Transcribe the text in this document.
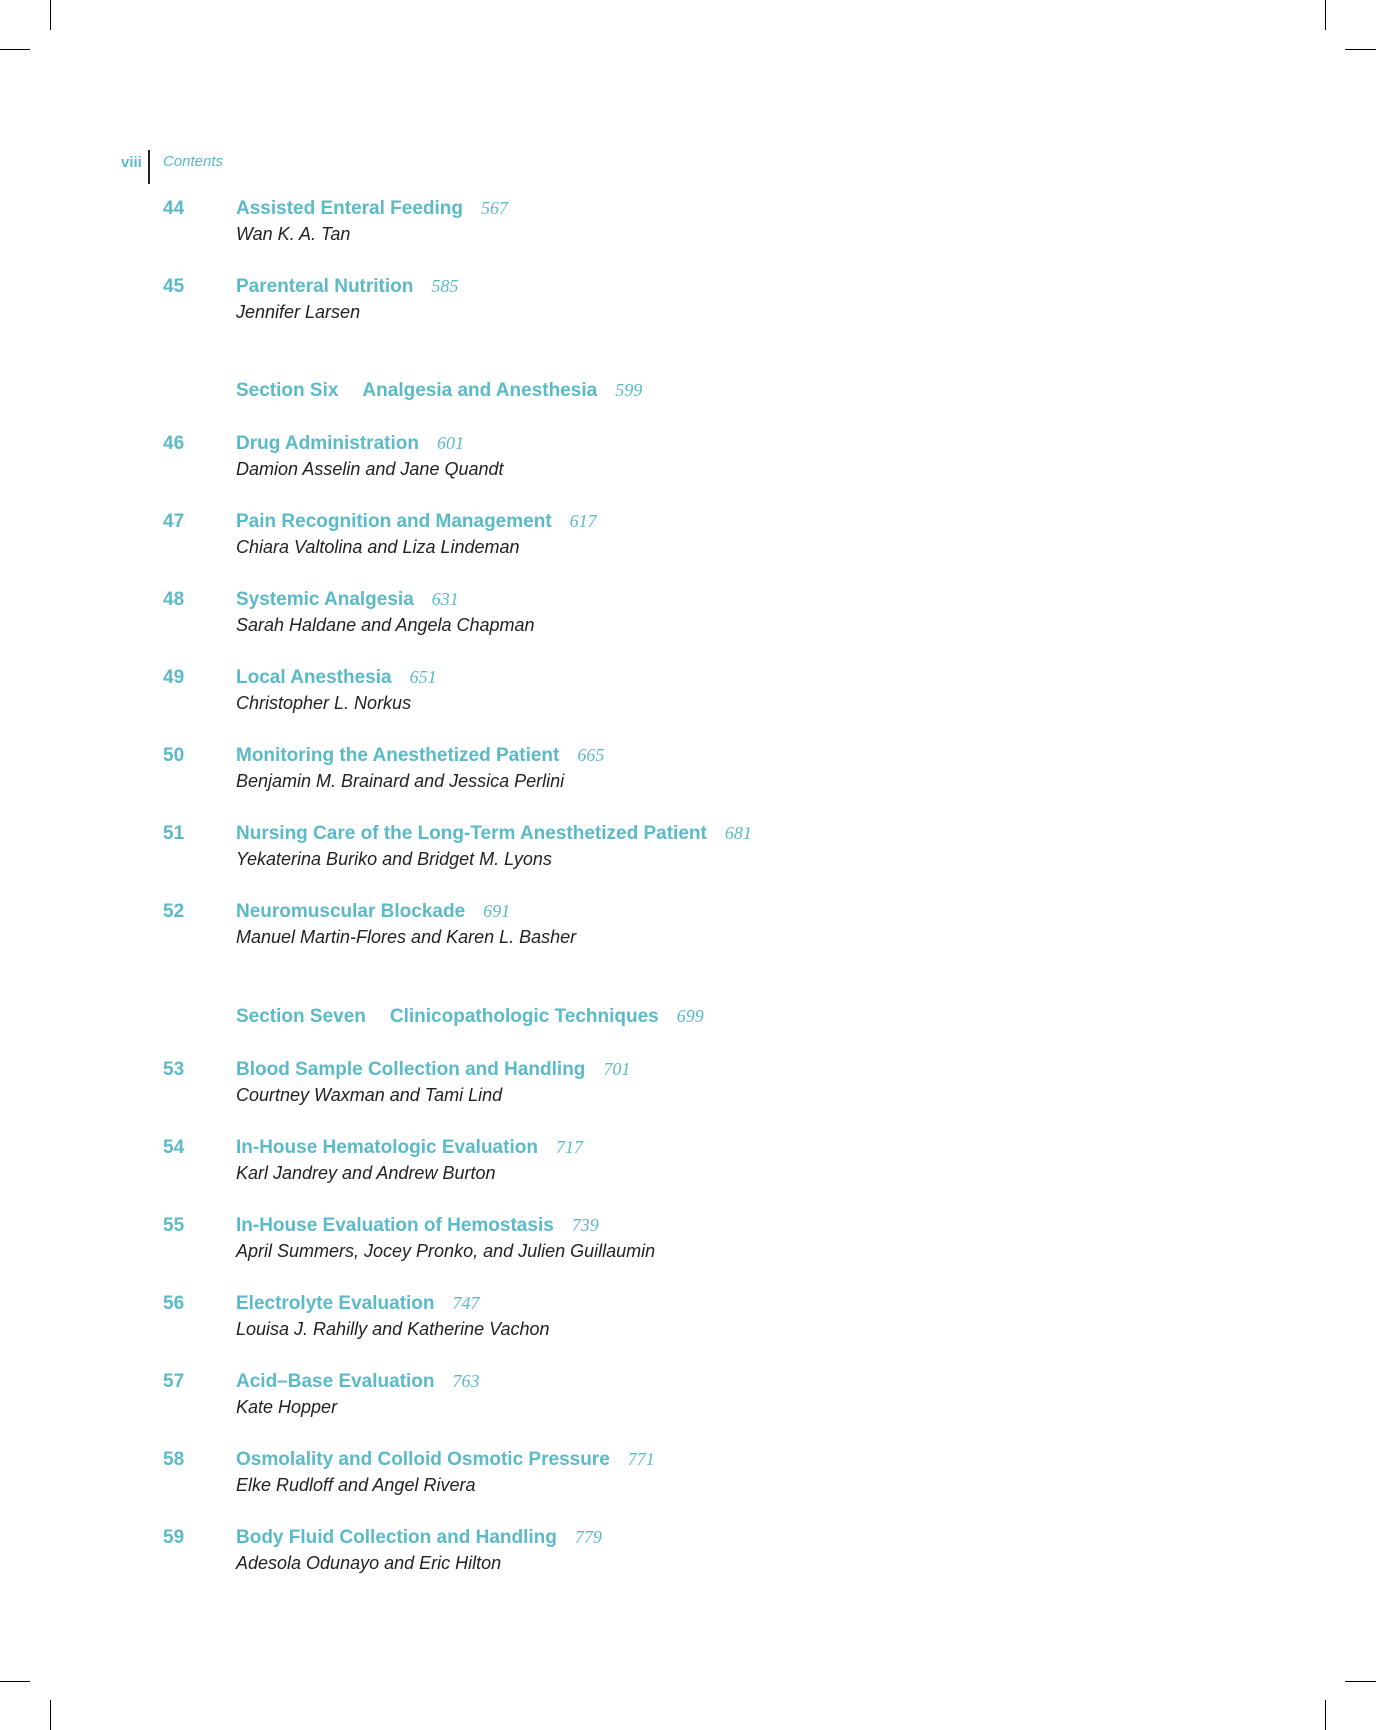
viii Contents
44	Assisted Enteral Feeding 567
Wan K. A. Tan
45	Parenteral Nutrition 585
Jennifer Larsen
Section Six Analgesia and Anesthesia 599
46	Drug Administration 601
Damion Asselin and Jane Quandt
47	Pain Recognition and Management 617
Chiara Valtolina and Liza Lindeman
48	Systemic Analgesia 631
Sarah Haldane and Angela Chapman
49	Local Anesthesia 651
Christopher L. Norkus
50	Monitoring the Anesthetized Patient 665
Benjamin M. Brainard and Jessica Perlini
51	Nursing Care of the Long-Term Anesthetized Patient 681
Yekaterina Buriko and Bridget M. Lyons
52	Neuromuscular Blockade 691
Manuel Martin-Flores and Karen L. Basher
Section Seven Clinicopathologic Techniques 699
53	Blood Sample Collection and Handling 701
Courtney Waxman and Tami Lind
54	In-House Hematologic Evaluation 717
Karl Jandrey and Andrew Burton
55	In-House Evaluation of Hemostasis 739
April Summers, Jocey Pronko, and Julien Guillaumin
56	Electrolyte Evaluation 747
Louisa J. Rahilly and Katherine Vachon
57	Acid–Base Evaluation 763
Kate Hopper
58	Osmolality and Colloid Osmotic Pressure 771
Elke Rudloff and Angel Rivera
59	Body Fluid Collection and Handling 779
Adesola Odunayo and Eric Hilton
